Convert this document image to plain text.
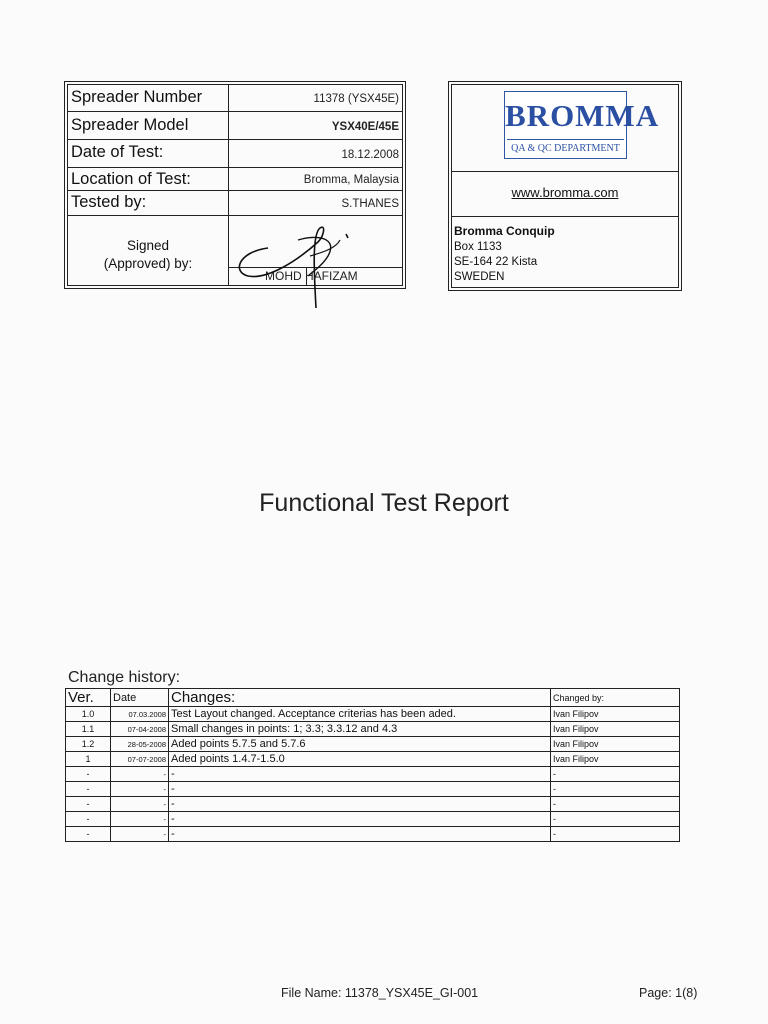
Spreader Number	11378 (YSX45E)
Spreader Model	YSX40E/45E
Date of Test:	18.12.2008
Location of Test:	Bromma, Malaysia
Tested by:	S.THANES
Signed
(Approved) by:
MOHD HAFIZAM
BROMMA
QA & QC DEPARTMENT
www.bromma.com
Bromma Conquip
Box 1133
SE-164 22 Kista
SWEDEN
Functional Test Report
Change history:
Ver.	Date	Changes:	Changed by:
1.0	07.03.2008	Test Layout changed. Acceptance criterias has been aded.	Ivan Filipov
1.1	07-04-2008	Small changes in points: 1; 3.3; 3.3.12 and 4.3	Ivan Filipov
1.2	28-05-2008	Aded points 5.7.5 and 5.7.6	Ivan Filipov
1	07-07-2008	Aded points 1.4.7-1.5.0	Ivan Filipov
-	-	-	-
-	-	-	-
-	-	-	-
-	-	-	-
-	-	-	-
File Name: 11378_YSX45E_GI-001	Page: 1(8)
